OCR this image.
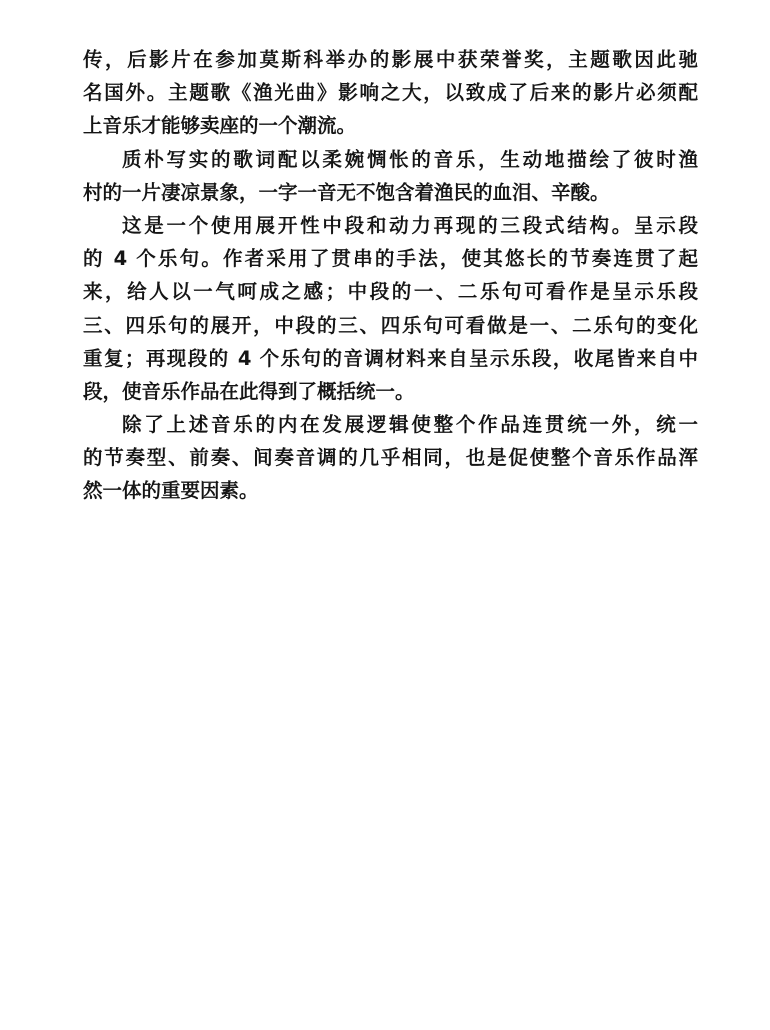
传，后影片在参加莫斯科举办的影展中获荣誉奖，主题歌因此驰
名国外。主题歌《渔光曲》影响之大，以致成了后来的影片必须配
上音乐才能够卖座的一个潮流。
质朴写实的歌词配以柔婉惆怅的音乐，生动地描绘了彼时渔
村的一片凄凉景象，一字一音无不饱含着渔民的血泪、辛酸。
这是一个使用展开性中段和动力再现的三段式结构。呈示段
的 4 个乐句。作者采用了贯串的手法，使其悠长的节奏连贯了起
来，给人以一气呵成之感；中段的一、二乐句可看作是呈示乐段
三、四乐句的展开，中段的三、四乐句可看做是一、二乐句的变化
重复；再现段的 4 个乐句的音调材料来自呈示乐段，收尾皆来自中
段，使音乐作品在此得到了概括统一。
除了上述音乐的内在发展逻辑使整个作品连贯统一外，统一
的节奏型、前奏、间奏音调的几乎相同，也是促使整个音乐作品浑
然一体的重要因素。
